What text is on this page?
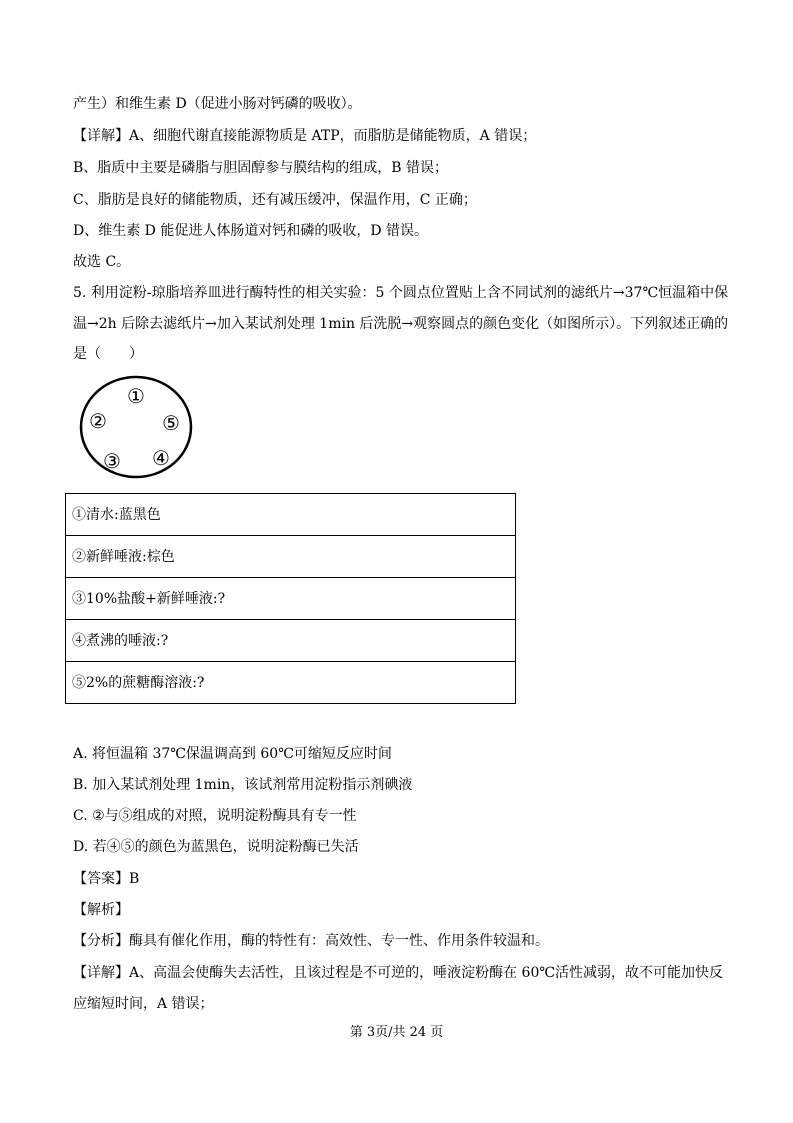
产生）和维生素 D（促进小肠对钙磷的吸收）。
【详解】A、细胞代谢直接能源物质是 ATP，而脂肪是储能物质，A 错误；
B、脂质中主要是磷脂与胆固醇参与膜结构的组成，B 错误；
C、脂肪是良好的储能物质，还有减压缓冲，保温作用，C 正确；
D、维生素 D 能促进人体肠道对钙和磷的吸收，D 错误。
故选 C。
5. 利用淀粉-琼脂培养皿进行酶特性的相关实验：5 个圆点位置贴上含不同试剂的滤纸片→37℃恒温箱中保
温→2h 后除去滤纸片→加入某试剂处理 1min 后洗脱→观察圆点的颜色变化（如图所示）。下列叙述正确的
是（　　）
①
②	⑤
③ ④
①清水:蓝黑色
②新鲜唾液:棕色
③10%盐酸+新鲜唾液:?
④煮沸的唾液:?
⑤2%的蔗糖酶溶液:?
A. 将恒温箱 37℃保温调高到 60℃可缩短反应时间
B. 加入某试剂处理 1min，该试剂常用淀粉指示剂碘液
C. ②与⑤组成的对照，说明淀粉酶具有专一性
D. 若④⑤的颜色为蓝黑色，说明淀粉酶已失活
【答案】B
【解析】
【分析】酶具有催化作用，酶的特性有：高效性、专一性、作用条件较温和。
【详解】A、高温会使酶失去活性，且该过程是不可逆的，唾液淀粉酶在 60℃活性减弱，故不可能加快反
应缩短时间，A 错误；
第 3页/共 24 页
